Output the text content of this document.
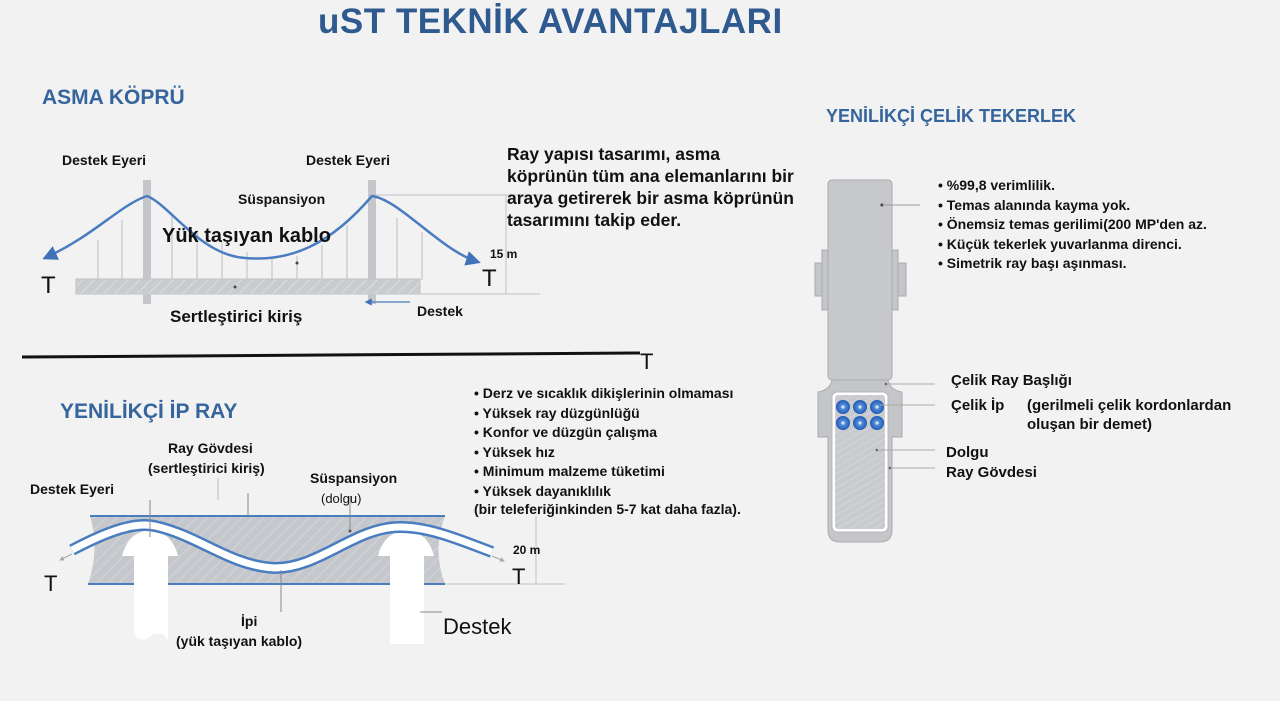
uST TEKNİK AVANTAJLARI
ASMA KÖPRÜ
Destek Eyeri	Destek Eyeri
Süspansiyon
Yük taşıyan kablo
Sertleştirici kiriş	Destek
15 m
T	T
Ray yapısı tasarımı, asma köprünün tüm ana elemanlarını bir araya getirerek bir asma köprünün tasarımını takip eder.
T
YENİLİKÇİ İP RAY
Ray Gövdesi
(sertleştirici kiriş)
Süspansiyon
(dolgu)
Destek Eyeri
T	T
20 m
İpi
(yük taşıyan kablo)
Destek
• Derz ve sıcaklık dikişlerinin olmaması
• Yüksek ray düzgünlüğü
• Konfor ve düzgün çalışma
• Yüksek hız
• Minimum malzeme tüketimi
• Yüksek dayanıklılık
(bir teleferiğinkinden 5-7 kat daha fazla).
YENİLİKÇİ ÇELİK TEKERLEK
• %99,8 verimlilik.
• Temas alanında kayma yok.
• Önemsiz temas gerilimi(200 MP'den az.
• Küçük tekerlek yuvarlanma direnci.
• Simetrik ray başı aşınması.
Çelik Ray Başlığı
Çelik İp (gerilmeli çelik kordonlardan
oluşan bir demet)
Dolgu
Ray Gövdesi
